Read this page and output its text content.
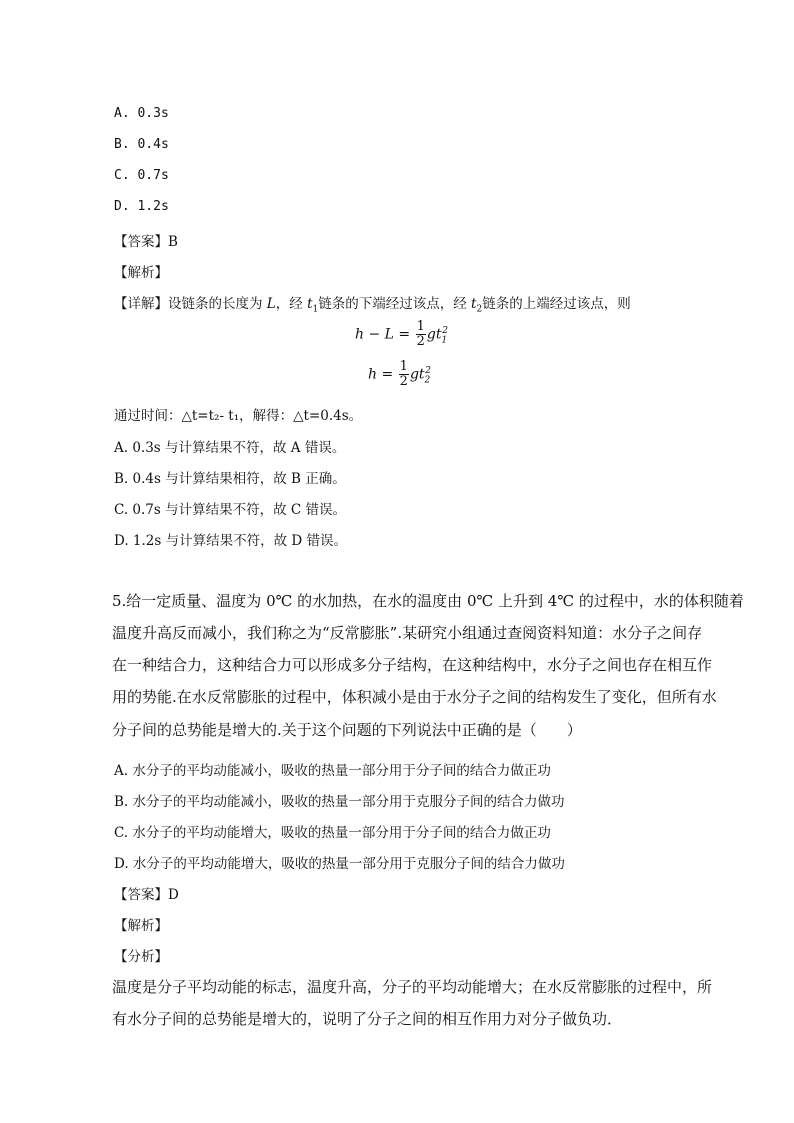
A. 0.3s
B. 0.4s
C. 0.7s
D. 1.2s
【答案】B
【解析】
【详解】设链条的长度为 L，经 $t_1$链条的下端经过该点，经 $t_2$链条的上端经过该点，则
$h - L = \frac{1}{2} gt_1^2$
$h = \frac{1}{2} gt_2^2$
通过时间：△t=t₂- t₁，解得：△t=0.4s。
A. 0.3s 与计算结果不符，故 A 错误。
B. 0.4s 与计算结果相符，故 B 正确。
C. 0.7s 与计算结果不符，故 C 错误。
D. 1.2s 与计算结果不符，故 D 错误。
5.给一定质量、温度为 0℃ 的水加热，在水的温度由 0℃ 上升到 4℃ 的过程中，水的体积随着
温度升高反而减小，我们称之为“反常膨胀”.某研究小组通过查阅资料知道：水分子之间存
在一种结合力，这种结合力可以形成多分子结构，在这种结构中，水分子之间也存在相互作
用的势能.在水反常膨胀的过程中，体积减小是由于水分子之间的结构发生了变化，但所有水
分子间的总势能是增大的.关于这个问题的下列说法中正确的是（　　）
A. 水分子的平均动能减小，吸收的热量一部分用于分子间的结合力做正功
B. 水分子的平均动能减小，吸收的热量一部分用于克服分子间的结合力做功
C. 水分子的平均动能增大，吸收的热量一部分用于分子间的结合力做正功
D. 水分子的平均动能增大，吸收的热量一部分用于克服分子间的结合力做功
【答案】D
【解析】
【分析】
温度是分子平均动能的标志，温度升高，分子的平均动能增大；在水反常膨胀的过程中，所
有水分子间的总势能是增大的，说明了分子之间的相互作用力对分子做负功．
